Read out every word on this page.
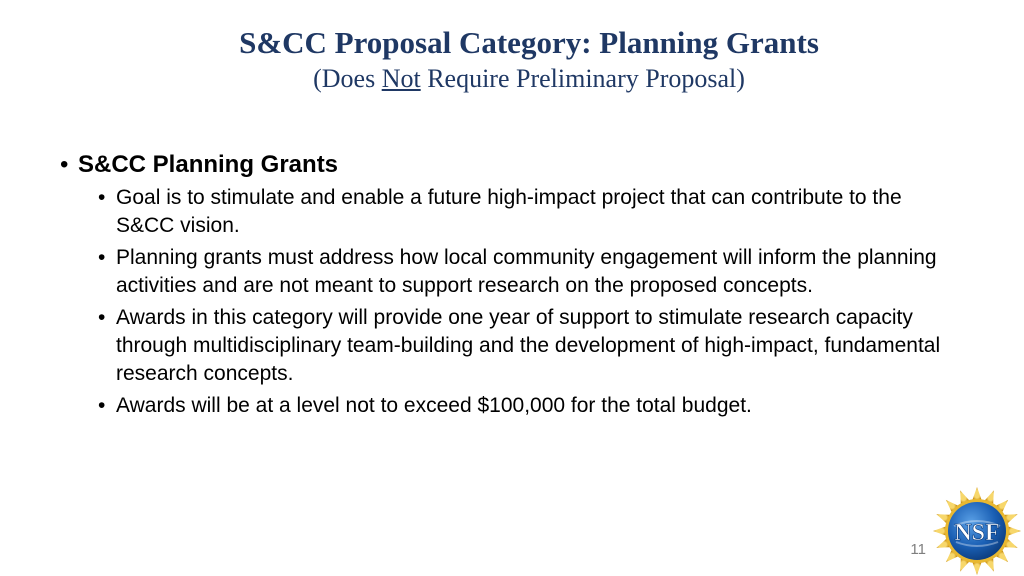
S&CC Proposal Category: Planning Grants
(Does Not Require Preliminary Proposal)
• S&CC Planning Grants
• Goal is to stimulate and enable a future high-impact project that can contribute to the S&CC vision.
• Planning grants must address how local community engagement will inform the planning activities and are not meant to support research on the proposed concepts.
• Awards in this category will provide one year of support to stimulate research capacity through multidisciplinary team-building and the development of high-impact, fundamental research concepts.
• Awards will be at a level not to exceed $100,000 for the total budget.
11
NSF
